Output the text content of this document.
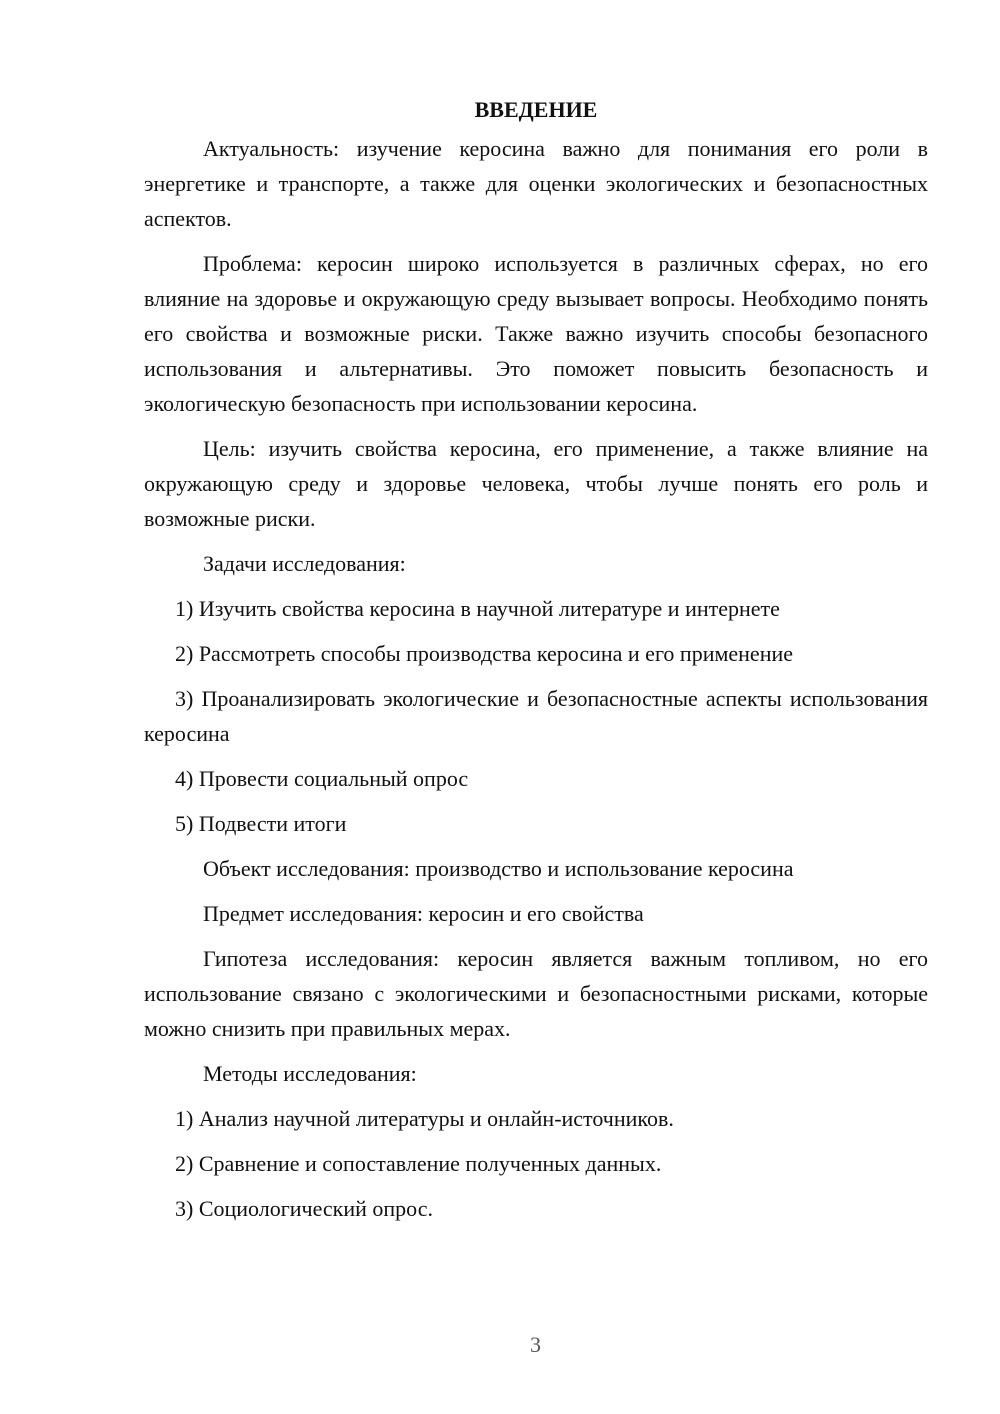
ВВЕДЕНИЕ

Актуальность: изучение керосина важно для понимания его роли в энергетике и транспорте, а также для оценки экологических и безопасностных аспектов.

Проблема: керосин широко используется в различных сферах, но его влияние на здоровье и окружающую среду вызывает вопросы. Необходимо понять его свойства и возможные риски. Также важно изучить способы безопасного использования и альтернативы. Это поможет повысить безопасность и экологическую безопасность при использовании керосина.

Цель: изучить свойства керосина, его применение, а также влияние на окружающую среду и здоровье человека, чтобы лучше понять его роль и возможные риски.

Задачи исследования:

1) Изучить свойства керосина в научной литературе и интернете

2) Рассмотреть способы производства керосина и его применение

3) Проанализировать экологические и безопасностные аспекты использования керосина

4) Провести социальный опрос

5) Подвести итоги

Объект исследования: производство и использование керосина

Предмет исследования: керосин и его свойства

Гипотеза исследования: керосин является важным топливом, но его использование связано с экологическими и безопасностными рисками, которые можно снизить при правильных мерах.

Методы исследования:

1) Анализ научной литературы и онлайн-источников.

2) Сравнение и сопоставление полученных данных.

3) Социологический опрос.

3
